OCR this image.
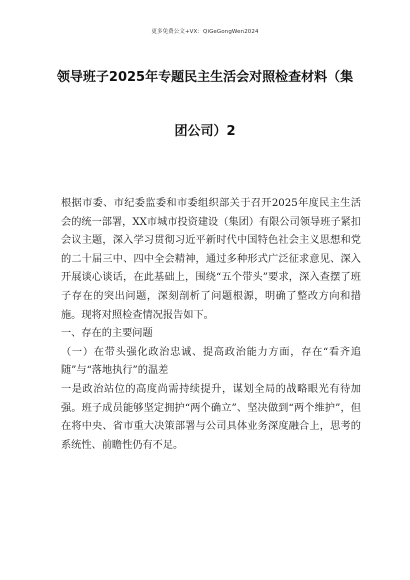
更多免费公文+VX：QiGeGongWen2024
领导班子2025年专题民主生活会对照检查材料（集
团公司）2

根据市委、市纪委监委和市委组织部关于召开2025年度民主生活会的统一部署，XX市城市投资建设（集团）有限公司领导班子紧扣会议主题，深入学习贯彻习近平新时代中国特色社会主义思想和党的二十届三中、四中全会精神，通过多种形式广泛征求意见、深入开展谈心谈话，在此基础上，围绕“五个带头”要求，深入查摆了班子存在的突出问题，深刻剖析了问题根源，明确了整改方向和措施。现将对照检查情况报告如下。

一、存在的主要问题

（一）在带头强化政治忠诚、提高政治能力方面，存在“看齐追随”与“落地执行”的温差

一是政治站位的高度尚需持续提升，谋划全局的战略眼光有待加强。班子成员能够坚定拥护“两个确立”、坚决做到“两个维护”，但在将中央、省市重大决策部署与公司具体业务深度融合上，思考的系统性、前瞻性仍有不足。
